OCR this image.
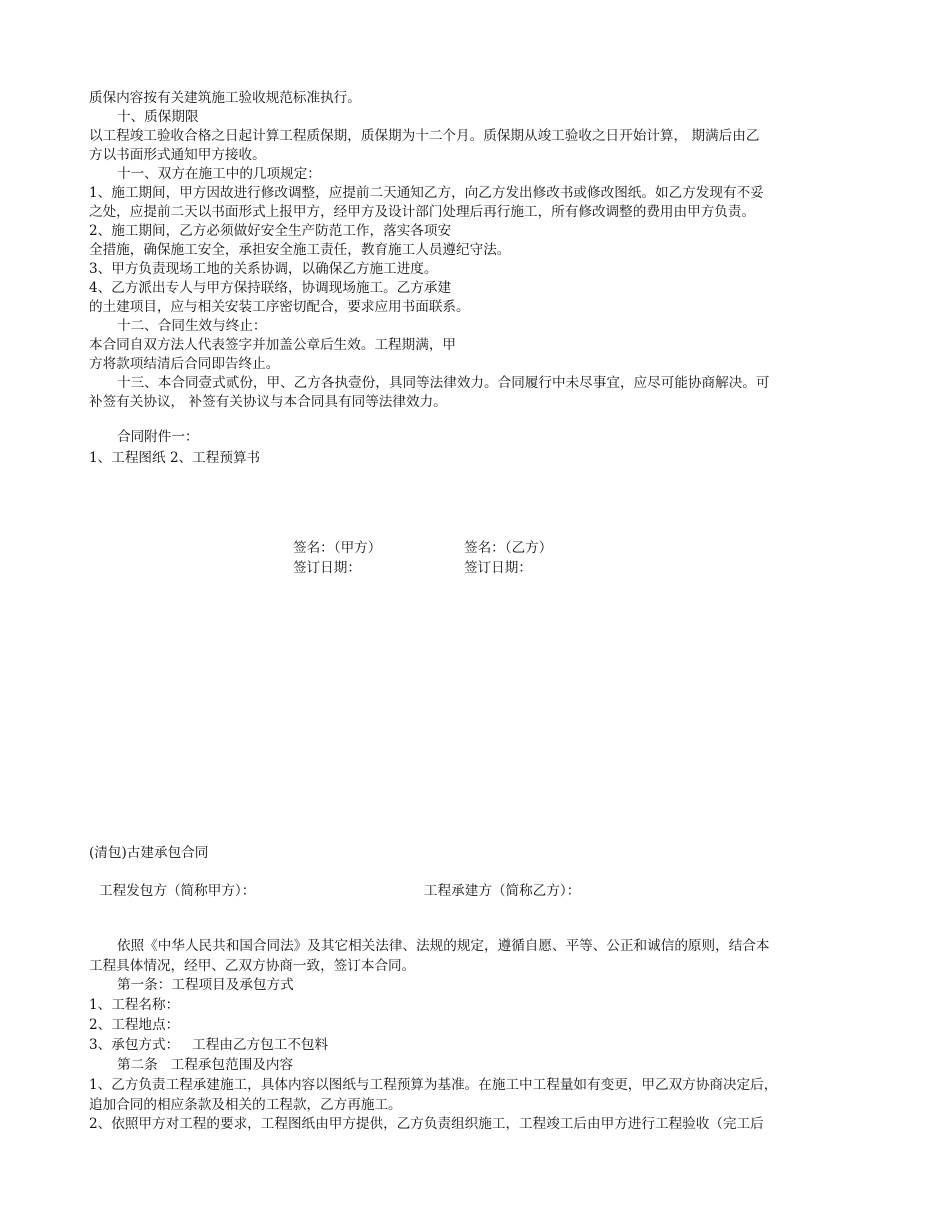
质保内容按有关建筑施工验收规范标准执行。
十、质保期限
以工程竣工验收合格之日起计算工程质保期，质保期为十二个月。质保期从竣工验收之日开始计算， 期满后由乙
方以书面形式通知甲方接收。
十一、双方在施工中的几项规定：
1、施工期间，甲方因故进行修改调整，应提前二天通知乙方，向乙方发出修改书或修改图纸。如乙方发现有不妥
之处，应提前二天以书面形式上报甲方，经甲方及设计部门处理后再行施工，所有修改调整的费用由甲方负责。
2、施工期间，乙方必须做好安全生产防范工作，落实各项安
全措施，确保施工安全，承担安全施工责任，教育施工人员遵纪守法。
3、甲方负责现场工地的关系协调，以确保乙方施工进度。
4、乙方派出专人与甲方保持联络，协调现场施工。乙方承建
的土建项目，应与相关安装工序密切配合，要求应用书面联系。
十二、合同生效与终止：
本合同自双方法人代表签字并加盖公章后生效。工程期满，甲
方将款项结清后合同即告终止。
十三、本合同壹式贰份，甲、乙方各执壹份，具同等法律效力。合同履行中未尽事宜，应尽可能协商解决。可
补签有关协议， 补签有关协议与本合同具有同等法律效力。
合同附件一：
1、工程图纸 2、工程预算书
签名：（甲方）	签名：（乙方）
签订日期：	签订日期：
(清包)古建承包合同
工程发包方（简称甲方）：	工程承建方（简称乙方）：
依照《中华人民共和国合同法》及其它相关法律、法规的规定，遵循自愿、平等、公正和诚信的原则，结合本
工程具体情况，经甲、乙双方协商一致，签订本合同。
第一条：工程项目及承包方式
1、工程名称：
2、工程地点：
3、承包方式：   工程由乙方包工不包料
第二条   工程承包范围及内容
1、乙方负责工程承建施工，具体内容以图纸与工程预算为基准。在施工中工程量如有变更，甲乙双方协商决定后，
追加合同的相应条款及相关的工程款，乙方再施工。
2、依照甲方对工程的要求，工程图纸由甲方提供，乙方负责组织施工，工程竣工后由甲方进行工程验收（完工后
